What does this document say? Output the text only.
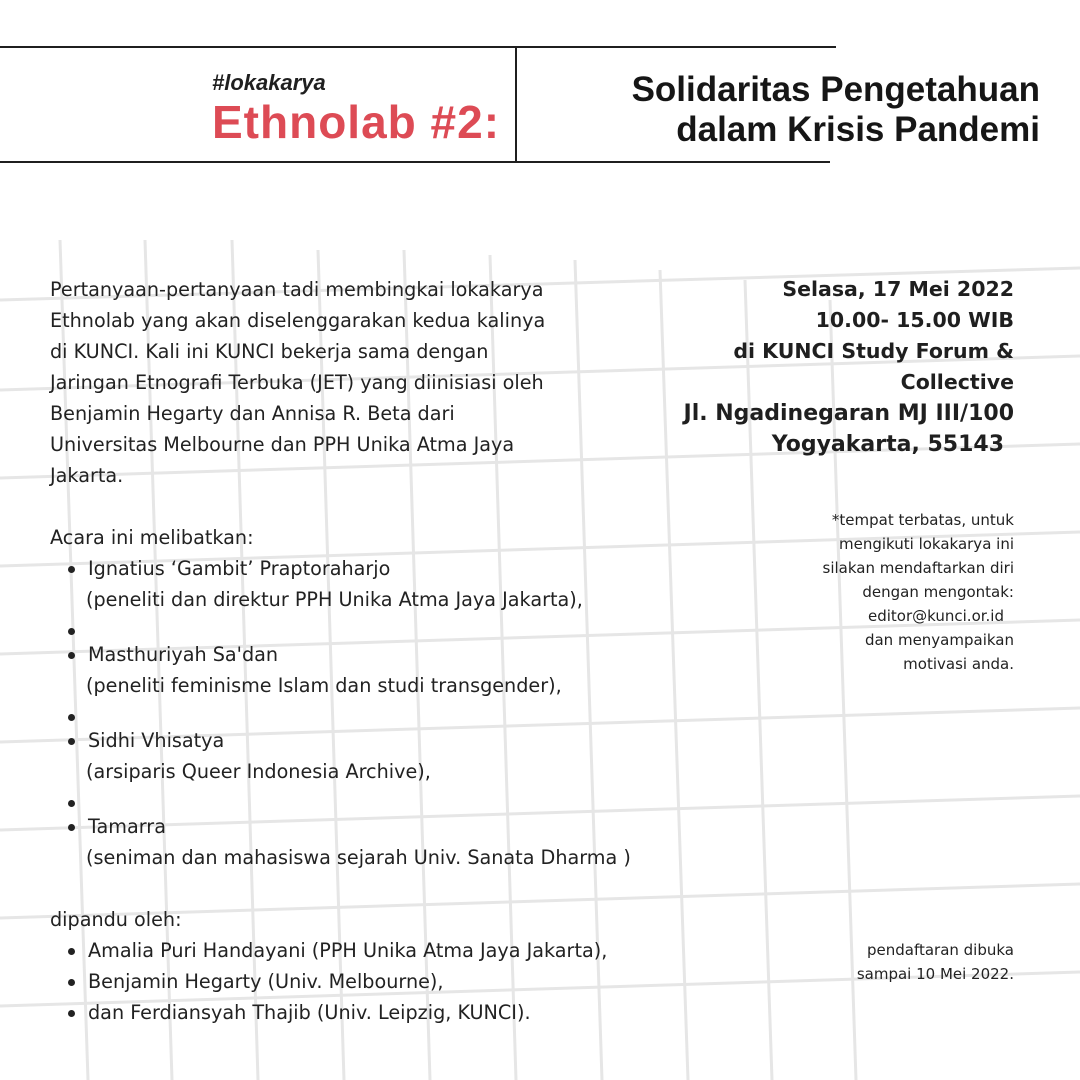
#lokakarya
Ethnolab #2:
Solidaritas Pengetahuan
dalam Krisis Pandemi
Pertanyaan-pertanyaan tadi membingkai lokakarya
Ethnolab yang akan diselenggarakan kedua kalinya
di KUNCI. Kali ini KUNCI bekerja sama dengan
Jaringan Etnografi Terbuka (JET) yang diinisiasi oleh
Benjamin Hegarty dan Annisa R. Beta dari
Universitas Melbourne dan PPH Unika Atma Jaya
Jakarta.
Acara ini melibatkan:
Ignatius ‘Gambit’ Praptoraharjo
(peneliti dan direktur PPH Unika Atma Jaya Jakarta),
Masthuriyah Sa'dan
(peneliti feminisme Islam dan studi transgender),
Sidhi Vhisatya
(arsiparis Queer Indonesia Archive),
Tamarra
(seniman dan mahasiswa sejarah Univ. Sanata Dharma )
dipandu oleh:
Amalia Puri Handayani (PPH Unika Atma Jaya Jakarta),
Benjamin Hegarty (Univ. Melbourne),
dan Ferdiansyah Thajib (Univ. Leipzig, KUNCI).
Selasa, 17 Mei 2022
10.00- 15.00 WIB
di KUNCI Study Forum &
Collective
Jl. Ngadinegaran MJ III/100
Yogyakarta, 55143
*tempat terbatas, untuk
mengikuti lokakarya ini
silakan mendaftarkan diri
dengan mengontak:
editor@kunci.or.id
dan menyampaikan
motivasi anda.
pendaftaran dibuka
sampai 10 Mei 2022.
